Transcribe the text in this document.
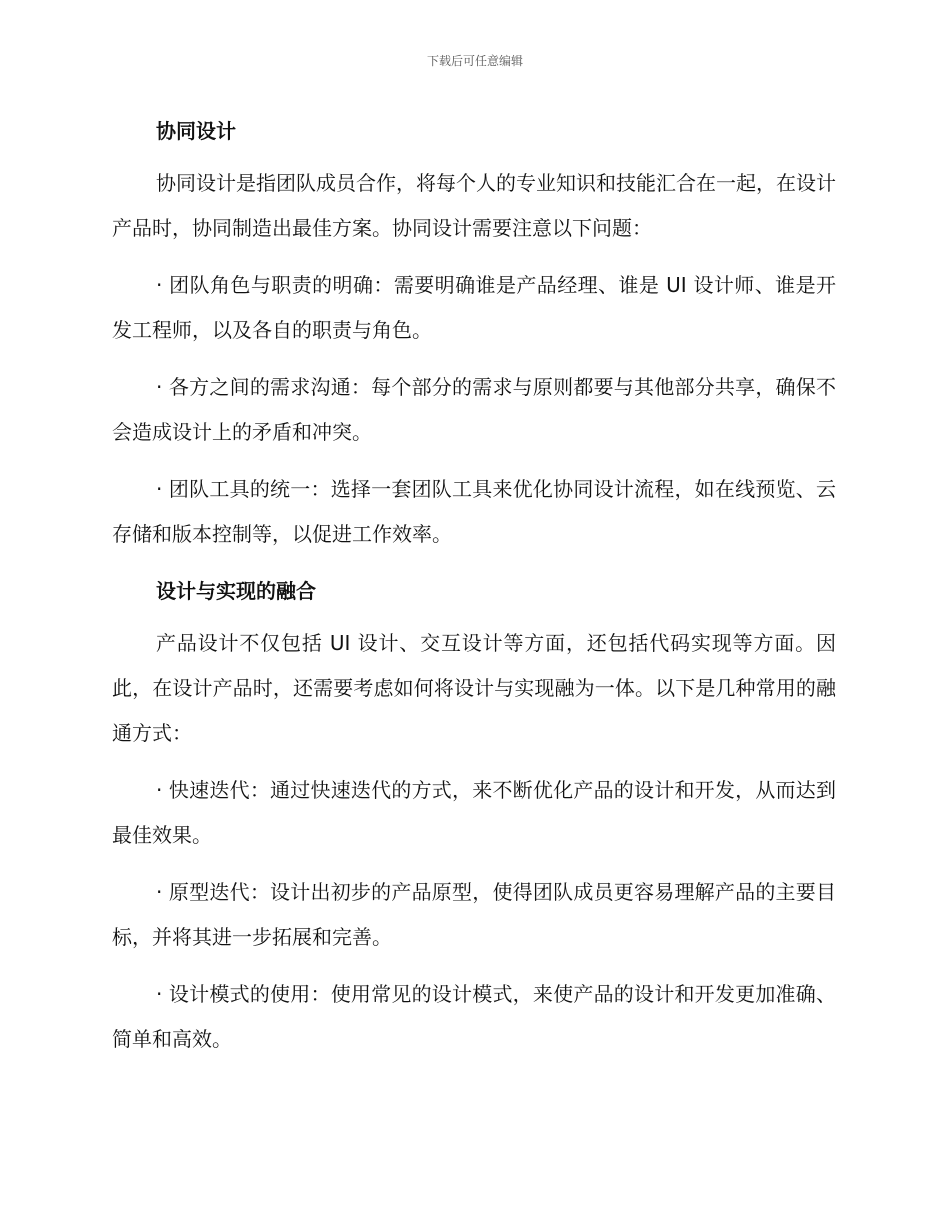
下载后可任意编辑
协同设计

协同设计是指团队成员合作，将每个人的专业知识和技能汇合在一起，在设计产品时，协同制造出最佳方案。协同设计需要注意以下问题：

· 团队角色与职责的明确：需要明确谁是产品经理、谁是 UI 设计师、谁是开发工程师，以及各自的职责与角色。

· 各方之间的需求沟通：每个部分的需求与原则都要与其他部分共享，确保不会造成设计上的矛盾和冲突。

· 团队工具的统一：选择一套团队工具来优化协同设计流程，如在线预览、云存储和版本控制等，以促进工作效率。

设计与实现的融合

产品设计不仅包括 UI 设计、交互设计等方面，还包括代码实现等方面。因此，在设计产品时，还需要考虑如何将设计与实现融为一体。以下是几种常用的融通方式：

· 快速迭代：通过快速迭代的方式，来不断优化产品的设计和开发，从而达到最佳效果。

· 原型迭代：设计出初步的产品原型，使得团队成员更容易理解产品的主要目标，并将其进一步拓展和完善。

· 设计模式的使用：使用常见的设计模式，来使产品的设计和开发更加准确、简单和高效。
